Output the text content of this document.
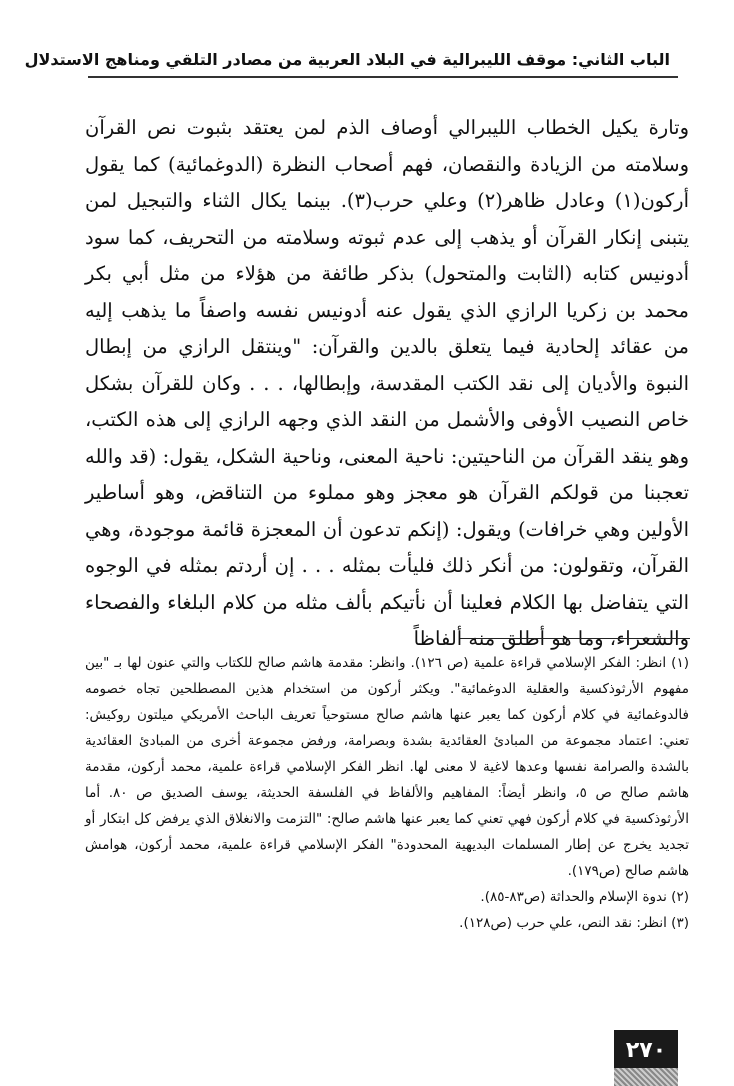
الباب الثاني: موقف الليبرالية في البلاد العربية من مصادر التلقي ومناهج الاستدلال

وتارة يكيل الخطاب الليبرالي أوصاف الذم لمن يعتقد بثبوت نص القرآن وسلامته من الزيادة والنقصان، فهم أصحاب النظرة (الدوغمائية) كما يقول أركون(١) وعادل ظاهر(٢) وعلي حرب(٣). بينما يكال الثناء والتبجيل لمن يتبنى إنكار القرآن أو يذهب إلى عدم ثبوته وسلامته من التحريف، كما سود أدونيس كتابه (الثابت والمتحول) بذكر طائفة من هؤلاء من مثل أبي بكر محمد بن زكريا الرازي الذي يقول عنه أدونيس نفسه واصفاً ما يذهب إليه من عقائد إلحادية فيما يتعلق بالدين والقرآن: "وينتقل الرازي من إبطال النبوة والأديان إلى نقد الكتب المقدسة، وإبطالها، . . . وكان للقرآن بشكل خاص النصيب الأوفى والأشمل من النقد الذي وجهه الرازي إلى هذه الكتب، وهو ينقد القرآن من الناحيتين: ناحية المعنى، وناحية الشكل، يقول: (قد والله تعجبنا من قولكم القرآن هو معجز وهو مملوء من التناقض، وهو أساطير الأولين وهي خرافات) ويقول: (إنكم تدعون أن المعجزة قائمة موجودة، وهي القرآن، وتقولون: من أنكر ذلك فليأت بمثله . . . إن أردتم بمثله في الوجوه التي يتفاضل بها الكلام فعلينا أن نأتيكم بألف مثله من كلام البلغاء والفصحاء والشعراء، وما هو أطلق منه ألفاظاً

(١) انظر: الفكر الإسلامي قراءة علمية (ص ١٢٦). وانظر: مقدمة هاشم صالح للكتاب والتي عنون لها بـ "بين مفهوم الأرثوذكسية والعقلية الدوغمائية". ويكثر أركون من استخدام هذين المصطلحين تجاه خصومه فالدوغمائية في كلام أركون كما يعبر عنها هاشم صالح مستوحياً تعريف الباحث الأمريكي ميلتون روكيش: تعني: اعتماد مجموعة من المبادئ العقائدية بشدة وبصرامة، ورفض مجموعة أخرى من المبادئ العقائدية بالشدة والصرامة نفسها وعدها لاغية لا معنى لها. انظر الفكر الإسلامي قراءة علمية، محمد أركون، مقدمة هاشم صالح ص ٥، وانظر أيضاً: المفاهيم والألفاظ في الفلسفة الحديثة، يوسف الصديق ص ٨٠. أما الأرثوذكسية في كلام أركون فهي تعني كما يعبر عنها هاشم صالح: "التزمت والانغلاق الذي يرفض كل ابتكار أو تجديد يخرج عن إطار المسلمات البديهية المحدودة" الفكر الإسلامي قراءة علمية، محمد أركون، هوامش هاشم صالح (ص١٧٩).

(٢) ندوة الإسلام والحداثة (ص٨٣-٨٥).

(٣) انظر: نقد النص، علي حرب (ص١٢٨).

٢٧٠
